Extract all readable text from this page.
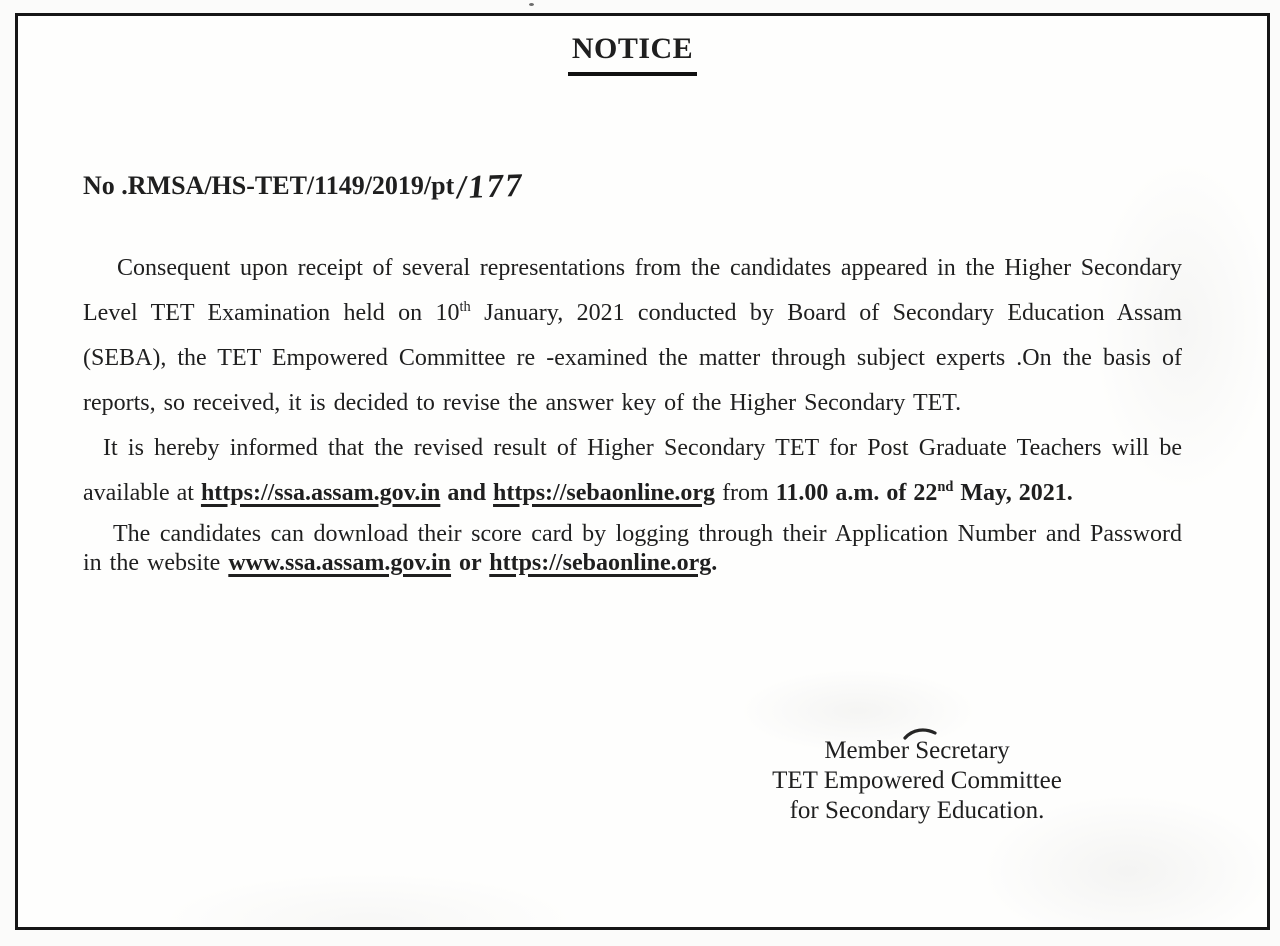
NOTICE
No .RMSA/HS-TET/1149/2019/pt/177

Consequent upon receipt of several representations from the candidates appeared in the Higher Secondary Level TET Examination held on 10th January, 2021 conducted by Board of Secondary Education Assam (SEBA), the TET Empowered Committee re -examined the matter through subject experts .On the basis of reports, so received, it is decided to revise the answer key of the Higher Secondary TET.

It is hereby informed that the revised result of Higher Secondary TET for Post Graduate Teachers will be available at https://ssa.assam.gov.in and https://sebaonline.org from 11.00 a.m. of 22nd May, 2021.

The candidates can download their score card by logging through their Application Number and Password in the website www.ssa.assam.gov.in or https://sebaonline.org.

Member Secretary
TET Empowered Committee
for Secondary Education.
